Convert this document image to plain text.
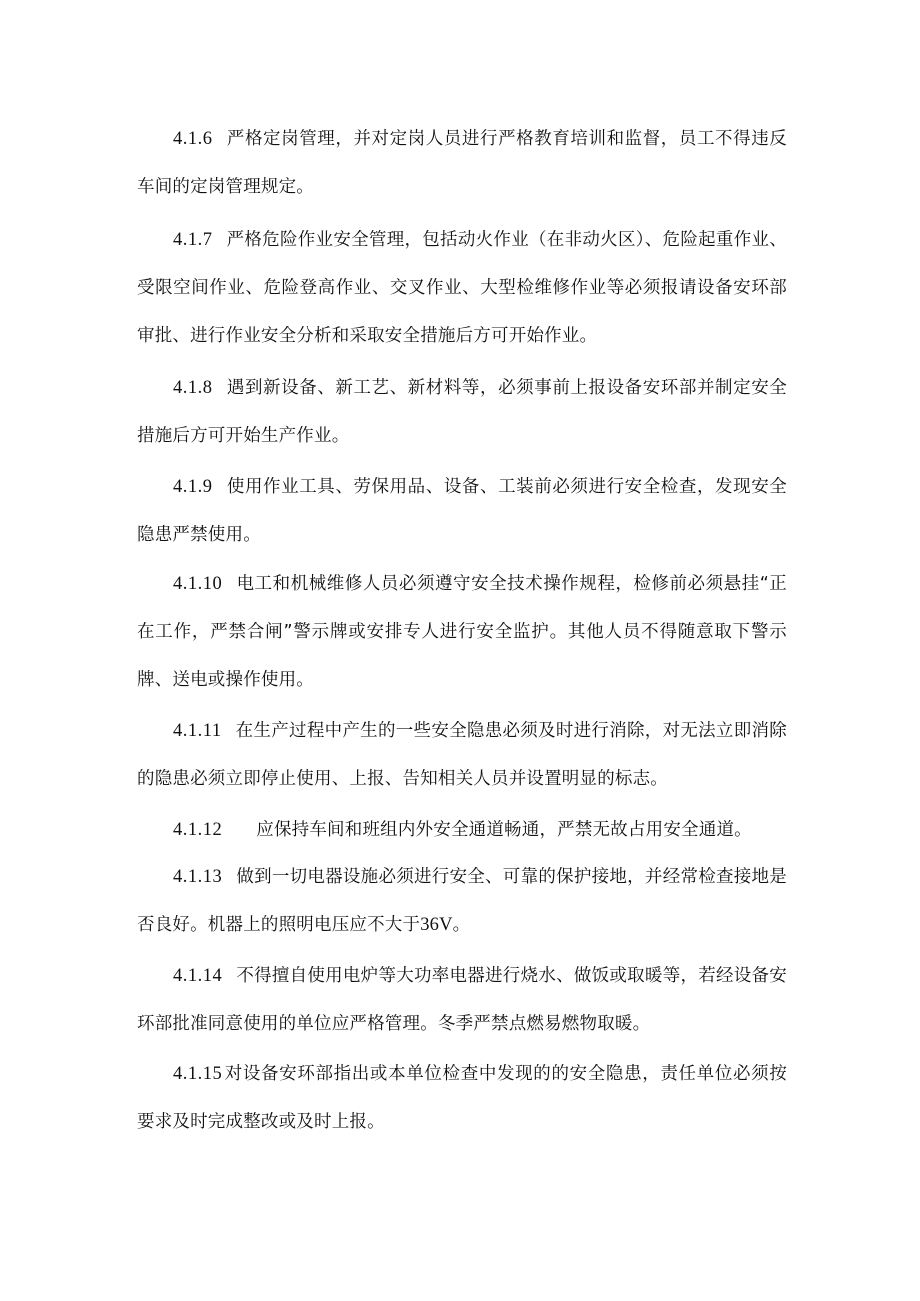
4.1.6 严格定岗管理，并对定岗人员进行严格教育培训和监督，员工不得违反车间的定岗管理规定。

4.1.7 严格危险作业安全管理，包括动火作业（在非动火区）、危险起重作业、受限空间作业、危险登高作业、交叉作业、大型检维修作业等必须报请设备安环部审批、进行作业安全分析和采取安全措施后方可开始作业。

4.1.8 遇到新设备、新工艺、新材料等，必须事前上报设备安环部并制定安全措施后方可开始生产作业。

4.1.9 使用作业工具、劳保用品、设备、工装前必须进行安全检查，发现安全隐患严禁使用。

4.1.10 电工和机械维修人员必须遵守安全技术操作规程，检修前必须悬挂“正在工作，严禁合闸”警示牌或安排专人进行安全监护。其他人员不得随意取下警示牌、送电或操作使用。

4.1.11 在生产过程中产生的一些安全隐患必须及时进行消除，对无法立即消除的隐患必须立即停止使用、上报、告知相关人员并设置明显的标志。

4.1.12 应保持车间和班组内外安全通道畅通，严禁无故占用安全通道。

4.1.13 做到一切电器设施必须进行安全、可靠的保护接地，并经常检查接地是否良好。机器上的照明电压应不大于36V。

4.1.14 不得擅自使用电炉等大功率电器进行烧水、做饭或取暖等，若经设备安环部批准同意使用的单位应严格管理。冬季严禁点燃易燃物取暖。

4.1.15 对设备安环部指出或本单位检查中发现的的安全隐患，责任单位必须按要求及时完成整改或及时上报。
